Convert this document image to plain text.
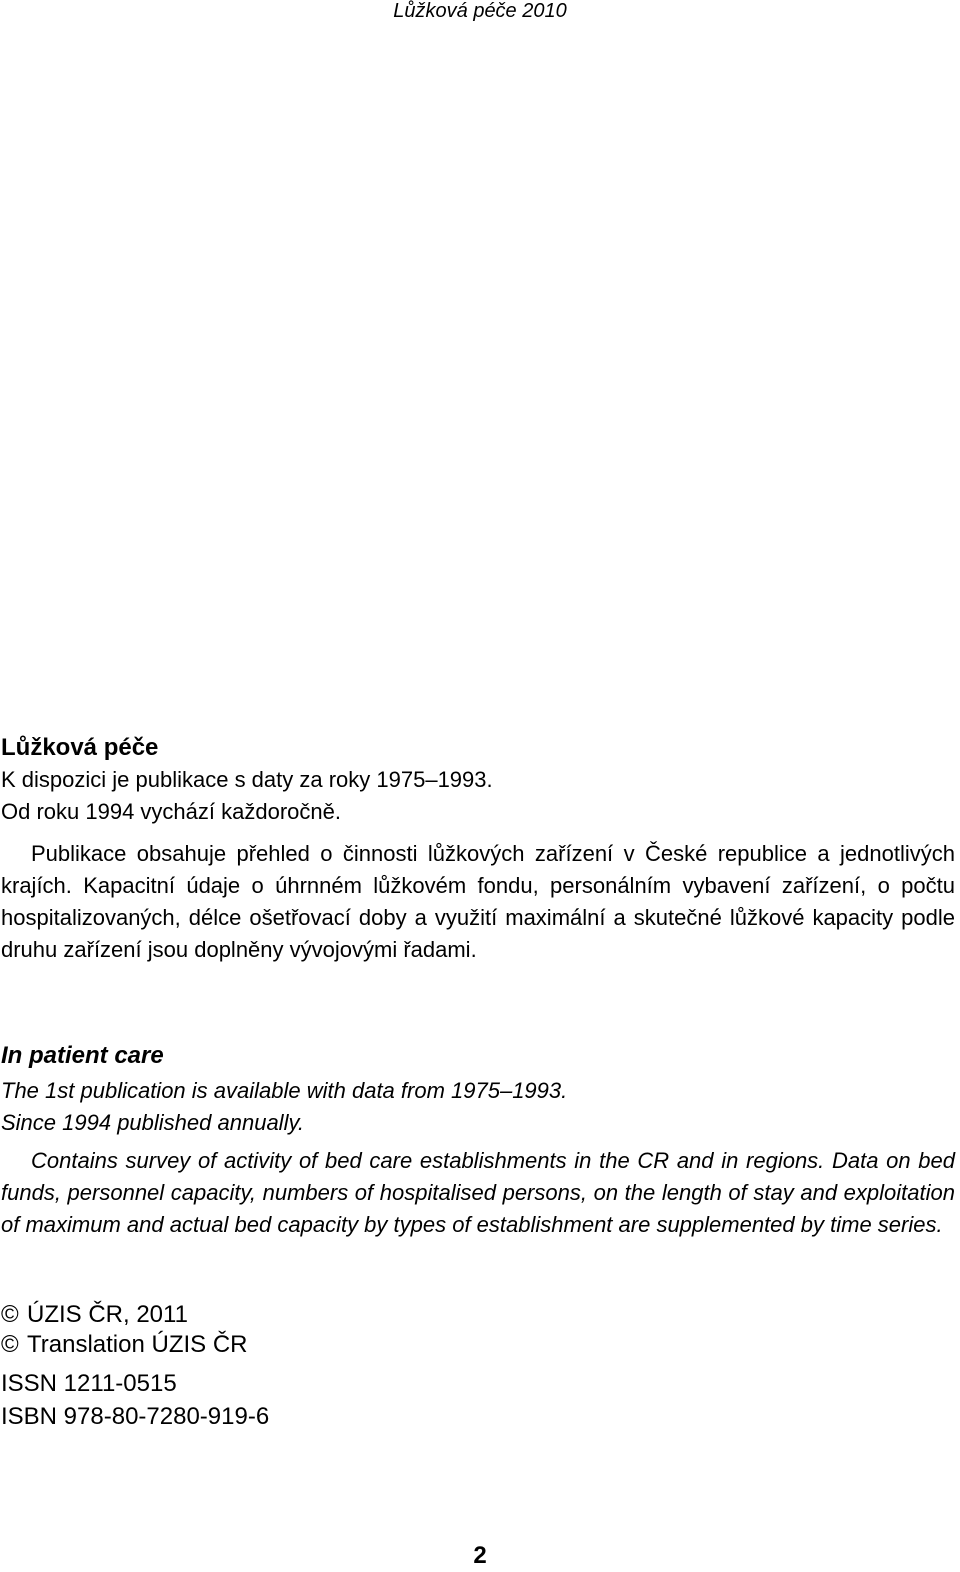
Lůžková péče 2010
Lůžková péče

K dispozici je publikace s daty za roky 1975–1993.

Od roku 1994 vychází každoročně.

Publikace obsahuje přehled o činnosti lůžkových zařízení v České republice a jednotlivých krajích. Kapacitní údaje o úhrnném lůžkovém fondu, personálním vybavení zařízení, o počtu hospitalizovaných, délce ošetřovací doby a využití maximální a skutečné lůžkové kapacity podle druhu zařízení jsou doplněny vývojovými řadami.

In patient care

The 1st publication is available with data from 1975–1993.

Since 1994 published annually.

Contains survey of activity of bed care establishments in the CR and in regions. Data on bed funds, personnel capacity, numbers of hospitalised persons, on the length of stay and exploitation of maximum and actual bed capacity by types of establishment are supplemented by time series.

© ÚZIS ČR, 2011

© Translation ÚZIS ČR

ISSN 1211-0515

ISBN 978-80-7280-919-6

2
